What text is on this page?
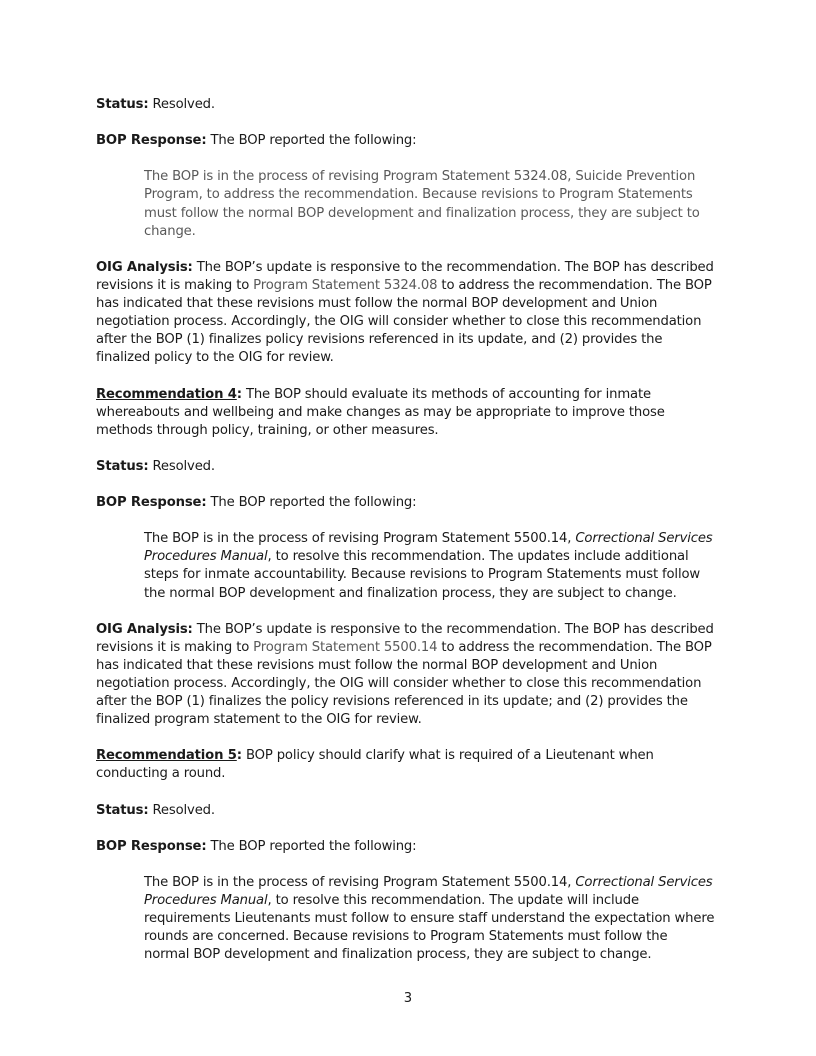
Status: Resolved.

BOP Response: The BOP reported the following:

The BOP is in the process of revising Program Statement 5324.08, Suicide Prevention Program, to address the recommendation. Because revisions to Program Statements must follow the normal BOP development and finalization process, they are subject to change.

OIG Analysis: The BOP’s update is responsive to the recommendation. The BOP has described revisions it is making to Program Statement 5324.08 to address the recommendation. The BOP has indicated that these revisions must follow the normal BOP development and Union negotiation process. Accordingly, the OIG will consider whether to close this recommendation after the BOP (1) finalizes policy revisions referenced in its update, and (2) provides the finalized policy to the OIG for review.

Recommendation 4: The BOP should evaluate its methods of accounting for inmate whereabouts and wellbeing and make changes as may be appropriate to improve those methods through policy, training, or other measures.

Status: Resolved.

BOP Response: The BOP reported the following:

The BOP is in the process of revising Program Statement 5500.14, Correctional Services Procedures Manual, to resolve this recommendation. The updates include additional steps for inmate accountability. Because revisions to Program Statements must follow the normal BOP development and finalization process, they are subject to change.

OIG Analysis: The BOP’s update is responsive to the recommendation. The BOP has described revisions it is making to Program Statement 5500.14 to address the recommendation. The BOP has indicated that these revisions must follow the normal BOP development and Union negotiation process. Accordingly, the OIG will consider whether to close this recommendation after the BOP (1) finalizes the policy revisions referenced in its update; and (2) provides the finalized program statement to the OIG for review.

Recommendation 5: BOP policy should clarify what is required of a Lieutenant when conducting a round.

Status: Resolved.

BOP Response: The BOP reported the following:

The BOP is in the process of revising Program Statement 5500.14, Correctional Services Procedures Manual, to resolve this recommendation. The update will include requirements Lieutenants must follow to ensure staff understand the expectation where rounds are concerned. Because revisions to Program Statements must follow the normal BOP development and finalization process, they are subject to change.

3
